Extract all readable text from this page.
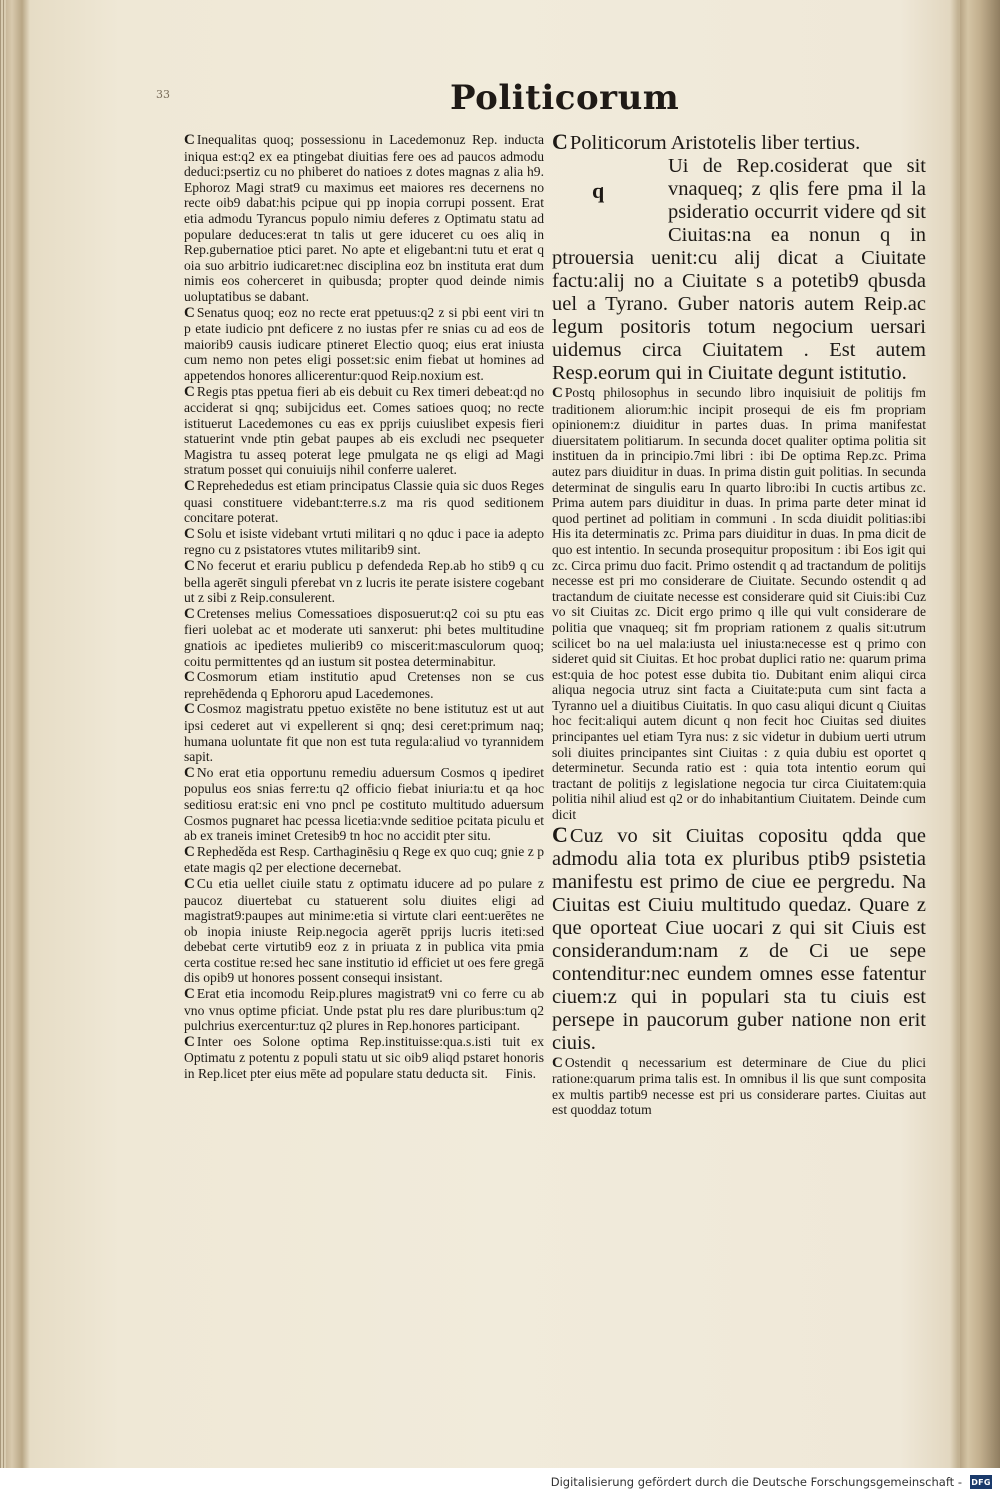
33	Politicorum

C Inequalitas quoq; possessionu in Lacedemonuz Rep. inducta iniqua est:q2 ex ea ptingebat diuitias fere oes ad paucos admodu deduci:psertiz cu no phiberet do natioes z dotes magnas z alia h9. Ephoroz Magi strat9 cu maximus eet maiores res decernens no recte oib9 dabat:his pcipue qui pp inopia corrupi possent. Erat etia admodu Tyrancus populo nimiu deferes z Optimatu statu ad populare deduces:erat tn talis ut gere iduceret cu oes aliq in Rep.gubernatioe ptici paret. No apte et eligebant:ni tutu et erat q oia suo arbitrio iudicaret:nec disciplina eoz bn instituta erat dum nimis eos coherceret in quibusda; propter quod deinde nimis uoluptatibus se dabant.

C Senatus quoq; eoz no recte erat ppetuus:q2 z si pbi eent viri tn p etate iudicio pnt deficere z no iustas pfer re snias cu ad eos de maiorib9 causis iudicare ptineret Electio quoq; eius erat iniusta cum nemo non petes eligi posset:sic enim fiebat ut homines ad appetendos honores allicerentur:quod Reip.noxium est.

C Regis ptas ppetua fieri ab eis debuit cu Rex timeri debeat:qd no acciderat si qnq; subijcidus eet. Comes satioes quoq; no recte istituerut Lacedemones cu eas ex pprijs cuiuslibet expesis fieri statuerint vnde ptin gebat paupes ab eis excludi nec psequeter Magistra tu asseq poterat lege pmulgata ne qs eligi ad Magi stratum posset qui conuiuijs nihil conferre ualeret.

C Reprehededus est etiam principatus Classie quia sic duos Reges quasi constituere videbant:terre.s.z ma ris quod seditionem concitare poterat.

C Solu et isiste videbant vrtuti militari q no qduc i pace ia adepto regno cu z psistatores vtutes militarib9 sint.

C No fecerut et erariu publicu p defendeda Rep.ab ho stib9 q cu bella agerēt singuli pferebat vn z lucris ite perate isistere cogebant ut z sibi z Reip.consulerent.

C Cretenses melius Comessatioes disposuerut:q2 coi su ptu eas fieri uolebat ac et moderate uti sanxerut: phi betes multitudine gnatiois ac ipedietes mulierib9 co miscerit:masculorum quoq; coitu permittentes qd an iustum sit postea determinabitur.

C Cosmorum etiam institutio apud Cretenses non se cus reprehēdenda q Ephororu apud Lacedemones.

C Cosmoz magistratu ppetuo existēte no bene istitutuz est ut aut ipsi cederet aut vi expellerent si qnq; desi ceret:primum naq; humana uoluntate fit que non est tuta regula:aliud vo tyrannidem sapit.

C No erat etia opportunu remediu aduersum Cosmos q ipediret populus eos snias ferre:tu q2 officio fiebat iniuria:tu et qa hoc seditiosu erat:sic eni vno pncl pe costituto multitudo aduersum Cosmos pugnaret hac pcessa licetia:vnde seditioe pcitata piculu et ab ex traneis iminet Cretesib9 tn hoc no accidit pter situ.

C Repheděda est Resp. Carthaginēsiu q Rege ex quo cuq; gnie z p etate magis q2 per electione decernebat.

C Cu etia uellet ciuile statu z optimatu iducere ad po pulare z paucoz diuertebat cu statuerent solu diuites eligi ad magistrat9:paupes aut minime:etia si virtute clari eent:uerētes ne ob inopia iniuste Reip.negocia agerēt pprijs lucris iteti:sed debebat certe virtutib9 eoz z in priuata z in publica vita pmia certa costitue re:sed hec sane institutio id efficiet ut oes fere gregā dis opib9 ut honores possent consequi insistant.

C Erat etia incomodu Reip.plures magistrat9 vni co ferre cu ab vno vnus optime pficiat. Unde pstat plu res dare pluribus:tum q2 pulchrius exercentur:tuz q2 plures in Rep.honores participant.

C Inter oes Solone optima Rep.instituisse:qua.s.isti tuit ex Optimatu z potentu z populi statu ut sic oib9 aliqd pstaret honoris in Rep.licet pter eius mēte ad populare statu deducta sit. Finis.

CPoliticorum Aristotelis liber tertius.

q

Ui de Rep.cosiderat que sit vnaqueq; z qlis fere pma il la psideratio occurrit videre qd sit Ciuitas:na ea nonun q in ptrouersia uenit:cu alij dicat a Ciuitate factu:alij no a Ciuitate s a potetib9 qbusda uel a Tyrano. Guber natoris autem Reip.ac legum positoris totum negocium uersari uidemus circa Ciuitatem . Est autem Resp.eorum qui in Ciuitate degunt istitutio.

C Postq philosophus in secundo libro inquisiuit de politijs fm traditionem aliorum:hic incipit prosequi de eis fm propriam opinionem:z diuiditur in partes duas. In prima manifestat diuersitatem politiarum. In secunda docet qualiter optima politia sit instituen da in principio.7mi libri : ibi De optima Rep.zc. Prima autez pars diuiditur in duas. In prima distin guit politias. In secunda determinat de singulis earu In quarto libro:ibi In cuctis artibus zc. Prima autem pars diuiditur in duas. In prima parte deter minat id quod pertinet ad politiam in communi . In scda diuidit politias:ibi His ita determinatis zc. Prima pars diuiditur in duas. In pma dicit de quo est intentio. In secunda prosequitur propositum : ibi Eos igit qui zc. Circa primu duo facit. Primo ostendit q ad tractandum de politijs necesse est pri mo considerare de Ciuitate. Secundo ostendit q ad tractandum de ciuitate necesse est considerare quid sit Ciuis:ibi Cuz vo sit Ciuitas zc. Dicit ergo primo q ille qui vult considerare de politia que vnaqueq; sit fm propriam rationem z qualis sit:utrum scilicet bo na uel mala:iusta uel iniusta:necesse est q primo con sideret quid sit Ciuitas. Et hoc probat duplici ratio ne: quarum prima est:quia de hoc potest esse dubita tio. Dubitant enim aliqui circa aliqua negocia utruz sint facta a Ciuitate:puta cum sint facta a Tyranno uel a diuitibus Ciuitatis. In quo casu aliqui dicunt q Ciuitas hoc fecit:aliqui autem dicunt q non fecit hoc Ciuitas sed diuites principantes uel etiam Tyra nus: z sic videtur in dubium uerti utrum soli diuites principantes sint Ciuitas : z quia dubiu est oportet q determinetur. Secunda ratio est : quia tota intentio eorum qui tractant de politijs z legislatione negocia tur circa Ciuitatem:quia politia nihil aliud est q2 or do inhabitantium Ciuitatem. Deinde cum dicit

CCuz vo sit Ciuitas copositu qdda que admodu alia tota ex pluribus ptib9 psistetia manifestu est primo de ciue ee pergredu. Na Ciuitas est Ciuiu multitudo quedaz. Quare z que oporteat Ciue uocari z qui sit Ciuis est considerandum:nam z de Ci ue sepe contenditur:nec eundem omnes esse fatentur ciuem:z qui in populari sta tu ciuis est persepe in paucorum guber natione non erit ciuis.

C Ostendit q necessarium est determinare de Ciue du plici ratione:quarum prima talis est. In omnibus il lis que sunt composita ex multis partib9 necesse est pri us considerare partes. Ciuitas aut est quoddaz totum

Digitalisierung gefördert durch die Deutsche Forschungsgemeinschaft - DFG
